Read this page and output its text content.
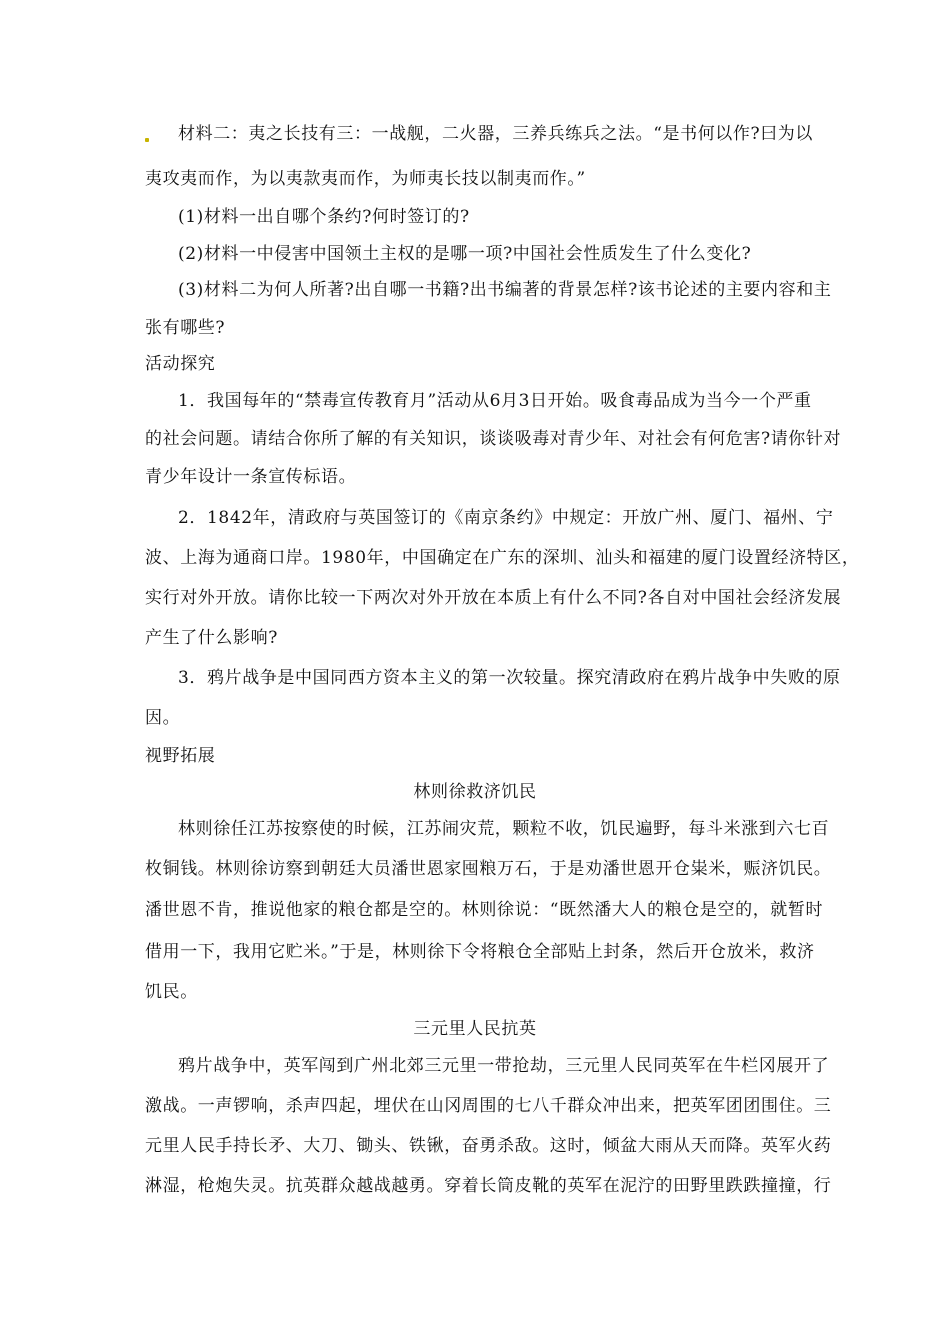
材料二：夷之长技有三：一战舰，二火器，三养兵练兵之法。“是书何以作?曰为以
夷攻夷而作，为以夷款夷而作，为师夷长技以制夷而作。”
(1)材料一出自哪个条约?何时签订的?
(2)材料一中侵害中国领土主权的是哪一项?中国社会性质发生了什么变化?
(3)材料二为何人所著?出自哪一书籍?出书编著的背景怎样?该书论述的主要内容和主
张有哪些?
活动探究
1．我国每年的“禁毒宣传教育月”活动从6月3日开始。吸食毒品成为当今一个严重
的社会问题。请结合你所了解的有关知识，谈谈吸毒对青少年、对社会有何危害?请你针对
青少年设计一条宣传标语。
2．1842年，清政府与英国签订的《南京条约》中规定：开放广州、厦门、福州、宁
波、上海为通商口岸。1980年，中国确定在广东的深圳、汕头和福建的厦门设置经济特区，
实行对外开放。请你比较一下两次对外开放在本质上有什么不同?各自对中国社会经济发展
产生了什么影响?
3．鸦片战争是中国同西方资本主义的第一次较量。探究清政府在鸦片战争中失败的原
因。
视野拓展
林则徐救济饥民
林则徐任江苏按察使的时候，江苏闹灾荒，颗粒不收，饥民遍野，每斗米涨到六七百
枚铜钱。林则徐访察到朝廷大员潘世恩家囤粮万石，于是劝潘世恩开仓粜米，赈济饥民。
潘世恩不肯，推说他家的粮仓都是空的。林则徐说：“既然潘大人的粮仓是空的，就暂时
借用一下，我用它贮米。”于是，林则徐下令将粮仓全部贴上封条，然后开仓放米，救济
饥民。
三元里人民抗英
鸦片战争中，英军闯到广州北郊三元里一带抢劫，三元里人民同英军在牛栏冈展开了
激战。一声锣响，杀声四起，埋伏在山冈周围的七八千群众冲出来，把英军团团围住。三
元里人民手持长矛、大刀、锄头、铁锹，奋勇杀敌。这时，倾盆大雨从天而降。英军火药
淋湿，枪炮失灵。抗英群众越战越勇。穿着长筒皮靴的英军在泥泞的田野里跌跌撞撞，行
